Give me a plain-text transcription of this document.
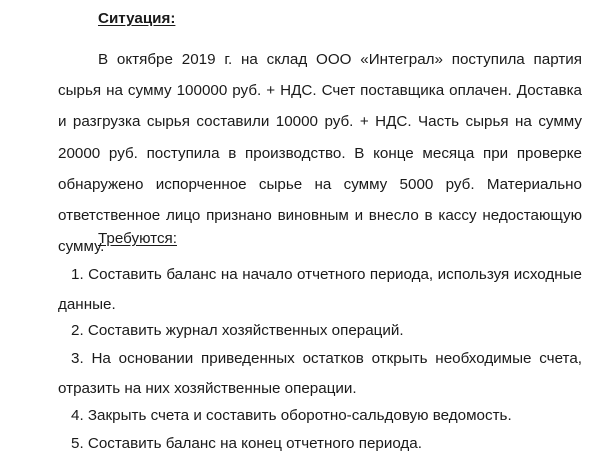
Ситуация:

В октябре 2019 г. на склад ООО «Интеграл» поступила партия сырья на сумму 100000 руб. + НДС. Счет поставщика оплачен. Доставка и разгрузка сырья составили 10000 руб. + НДС. Часть сырья на сумму 20000 руб. поступила в производство. В конце месяца при проверке обнаружено испорченное сырье на сумму 5000 руб. Материально ответственное лицо признано виновным и внесло в кассу недостающую сумму.

Требуются:
1. Составить баланс на начало отчетного периода, используя исходные данные.
2. Составить журнал хозяйственных операций.
3. На основании приведенных остатков открыть необходимые счета, отразить на них хозяйственные операции.
4. Закрыть счета и составить оборотно-сальдовую ведомость.
5. Составить баланс на конец отчетного периода.
